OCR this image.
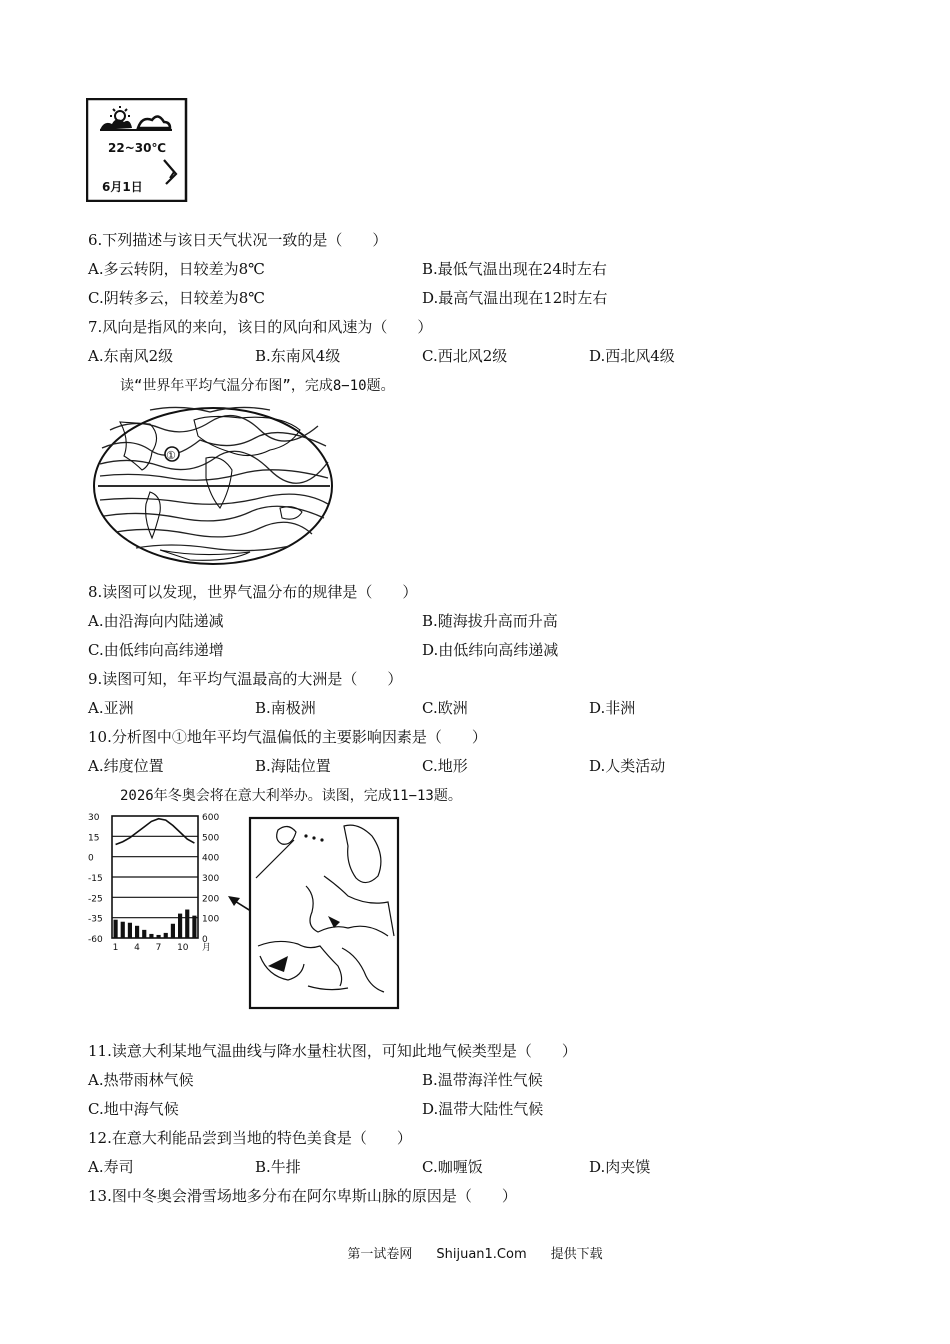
22~30℃
6月1日
6.下列描述与该日天气状况一致的是（　　）
A.多云转阴，日较差为8℃	B.最低气温出现在24时左右
C.阴转多云，日较差为8℃	D.最高气温出现在12时左右
7.风向是指风的来向，该日的风向和风速为（　　）
A.东南风2级	B.东南风4级	C.西北风2级	D.西北风4级
读“世界年平均气温分布图”，完成8−10题。
①
8.读图可以发现，世界气温分布的规律是（　　）
A.由沿海向内陆递减	B.随海拔升高而升高
C.由低纬向高纬递增	D.由低纬向高纬递减
9.读图可知，年平均气温最高的大洲是（　　）
A.亚洲	B.南极洲	C.欧洲	D.非洲
10.分析图中①地年平均气温偏低的主要影响因素是（　　）
A.纬度位置	B.海陆位置	C.地形	D.人类活动
2026年冬奥会将在意大利举办。读图，完成11−13题。
30
15
0
-15
-25
-35
-60
600
500
400
300
200
100
0
1 4 7 10 月
11.读意大利某地气温曲线与降水量柱状图，可知此地气候类型是（　　）
A.热带雨林气候	B.温带海洋性气候
C.地中海气候	D.温带大陆性气候
12.在意大利能品尝到当地的特色美食是（　　）
A.寿司	B.牛排	C.咖喱饭	D.肉夹馍
13.图中冬奥会滑雪场地多分布在阿尔卑斯山脉的原因是（　　）
第一试卷网 Shijuan1.Com 提供下载
